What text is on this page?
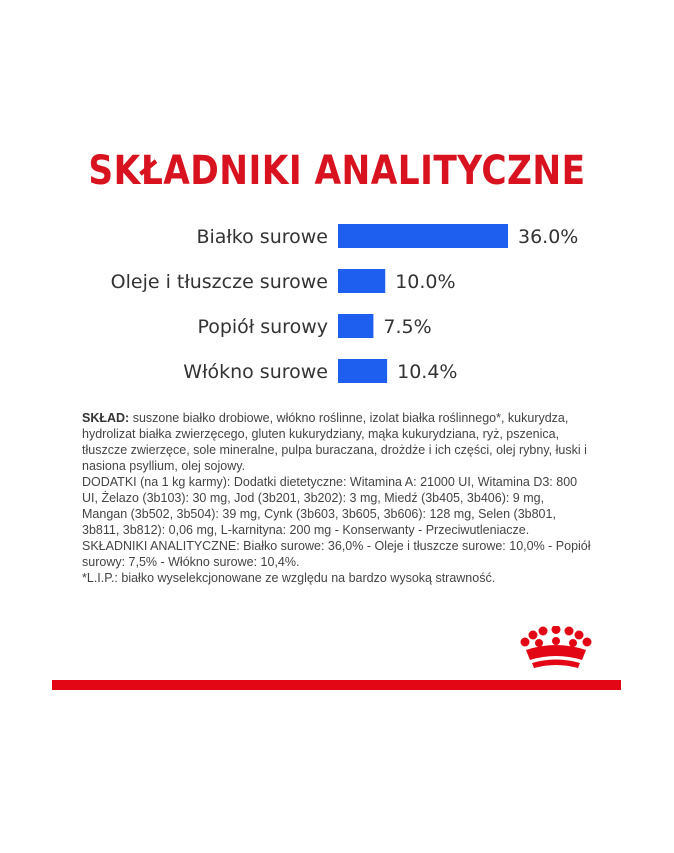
SKŁADNIKI ANALITYCZNE
Białko surowe	36.0%
Oleje i tłuszcze surowe	10.0%
Popiół surowy	7.5%
Włókno surowe	10.4%

SKŁAD: suszone białko drobiowe, włókno roślinne, izolat białka roślinnego*, kukurydza, hydrolizat białka zwierzęcego, gluten kukurydziany, mąka kukurydziana, ryż, pszenica, tłuszcze zwierzęce, sole mineralne, pulpa buraczana, drożdże i ich części, olej rybny, łuski i nasiona psyllium, olej sojowy.

DODATKI (na 1 kg karmy): Dodatki dietetyczne: Witamina A: 21000 UI, Witamina D3: 800 UI, Żelazo (3b103): 30 mg, Jod (3b201, 3b202): 3 mg, Miedź (3b405, 3b406): 9 mg, Mangan (3b502, 3b504): 39 mg, Cynk (3b603, 3b605, 3b606): 128 mg, Selen (3b801, 3b811, 3b812): 0,06 mg, L-karnityna: 200 mg - Konserwanty - Przeciwutleniacze.

SKŁADNIKI ANALITYCZNE: Białko surowe: 36,0% - Oleje i tłuszcze surowe: 10,0% - Popiół surowy: 7,5% - Włókno surowe: 10,4%.

*L.I.P.: białko wyselekcjonowane ze względu na bardzo wysoką strawność.
